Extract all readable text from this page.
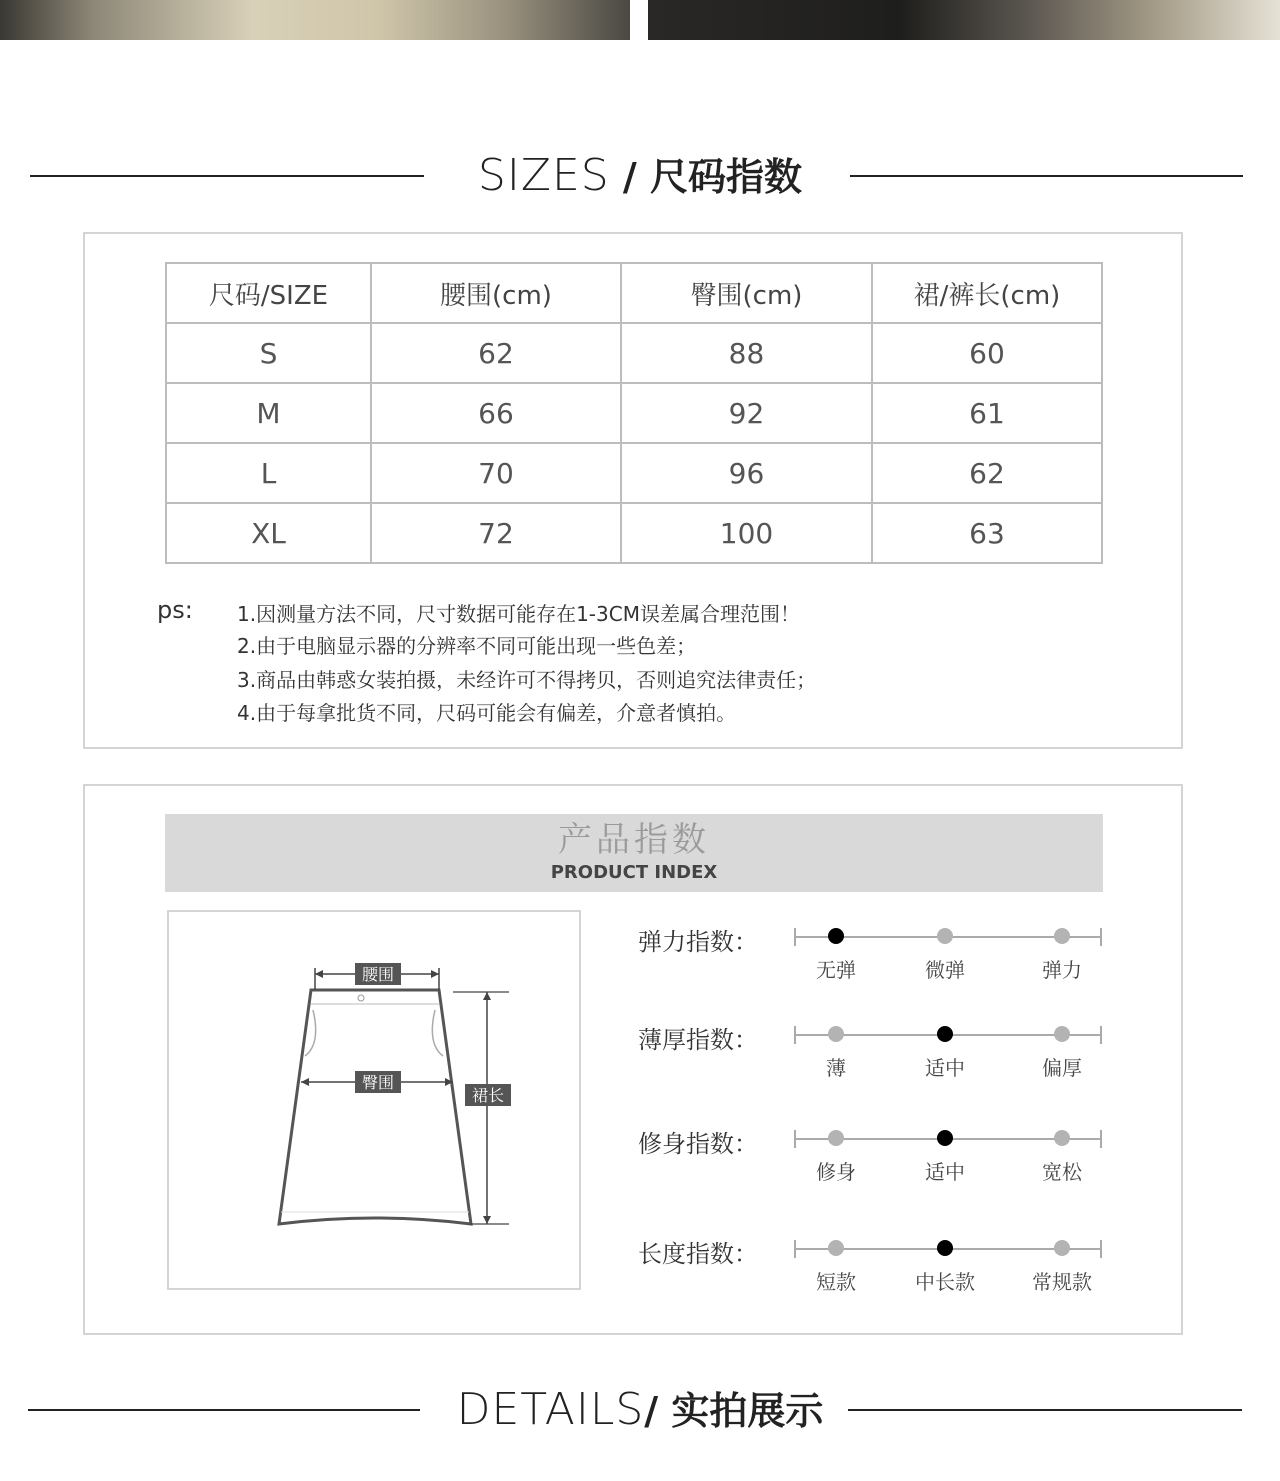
SIZES / 尺码指数
尺码/SIZE	腰围(cm)	臀围(cm)	裙/裤长(cm)
S	62	88	60
M	66	92	61
L	70	96	62
XL	72	100	63
ps: 1.因测量方法不同，尺寸数据可能存在1-3CM误差属合理范围！
2.由于电脑显示器的分辨率不同可能出现一些色差；
3.商品由韩惑女装拍摄，未经许可不得拷贝，否则追究法律责任；
4.由于每拿批货不同，尺码可能会有偏差，介意者慎拍。
产品指数
PRODUCT INDEX
腰围
臀围
裙长
弹力指数：
无弹	微弹	弹力
薄厚指数：
薄	适中	偏厚
修身指数：
修身	适中	宽松
长度指数：
短款	中长款	常规款
DETAILS/ 实拍展示
